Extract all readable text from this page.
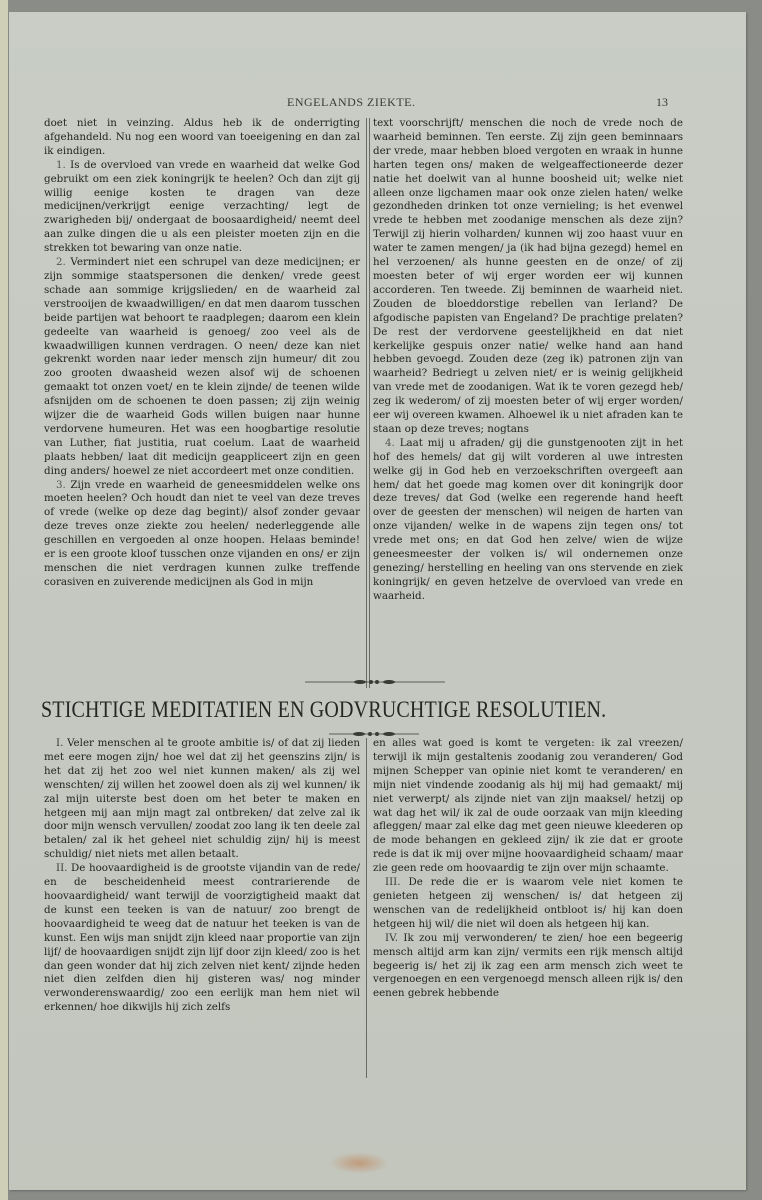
ENGELANDS ZIEKTE.	13

doet niet in veinzing. Aldus heb ik de onderrigting afgehandeld. Nu nog een woord van toeeigening en dan zal ik eindigen.

1. Is de overvloed van vrede en waarheid dat welke God gebruikt om een ziek koningrijk te heelen? Och dan zijt gij willig eenige kosten te dragen van deze medicijnen/verkrijgt eenige verzachting/ legt de zwarigheden bij/ ondergaat de boosaardigheid/ neemt deel aan zulke dingen die u als een pleister moeten zijn en die strekken tot bewaring van onze natie.

2. Vermindert niet een schrupel van deze medicijnen; er zijn sommige staatspersonen die denken/ vrede geest schade aan sommige krijgslieden/ en de waarheid zal verstrooijen de kwaadwilligen/ en dat men daarom tusschen beide partijen wat behoort te raadplegen; daarom een klein gedeelte van waarheid is genoeg/ zoo veel als de kwaadwilligen kunnen verdragen. O neen/ deze kan niet gekrenkt worden naar ieder mensch zijn humeur/ dit zou zoo grooten dwaasheid wezen alsof wij de schoenen gemaakt tot onzen voet/ en te klein zijnde/ de teenen wilde afsnijden om de schoenen te doen passen; zij zijn weinig wijzer die de waarheid Gods willen buigen naar hunne verdorvene humeuren. Het was een hoogbartige resolutie van Luther, fiat justitia, ruat coelum. Laat de waarheid plaats hebben/ laat dit medicijn geappliceert zijn en geen ding anders/ hoewel ze niet accordeert met onze conditien.

3. Zijn vrede en waarheid de geneesmiddelen welke ons moeten heelen? Och houdt dan niet te veel van deze treves of vrede (welke op deze dag begint)/ alsof zonder gevaar deze treves onze ziekte zou heelen/ nederleggende alle geschillen en vergoeden al onze hoopen. Helaas beminde! er is een groote kloof tusschen onze vijanden en ons/ er zijn menschen die niet verdragen kunnen zulke treffende corasiven en zuiverende medicijnen als God in mijn

text voorschrijft/ menschen die noch de vrede noch de waarheid beminnen. Ten eerste. Zij zijn geen beminnaars der vrede, maar hebben bloed vergoten en wraak in hunne harten tegen ons/ maken de welgeaffectioneerde dezer natie het doelwit van al hunne boosheid uit; welke niet alleen onze ligchamen maar ook onze zielen haten/ welke gezondheden drinken tot onze vernieling; is het evenwel vrede te hebben met zoodanige menschen als deze zijn? Terwijl zij hierin volharden/ kunnen wij zoo haast vuur en water te zamen mengen/ ja (ik had bijna gezegd) hemel en hel verzoenen/ als hunne geesten en de onze/ of zij moesten beter of wij erger worden eer wij kunnen accorderen. Ten tweede. Zij beminnen de waarheid niet. Zouden de bloeddorstige rebellen van Ierland? De afgodische papisten van Engeland? De prachtige prelaten? De rest der verdorvene geestelijkheid en dat niet kerkelijke gespuis onzer natie/ welke hand aan hand hebben gevoegd. Zouden deze (zeg ik) patronen zijn van waarheid? Bedriegt u zelven niet/ er is weinig gelijkheid van vrede met de zoodanigen. Wat ik te voren gezegd heb/ zeg ik wederom/ of zij moesten beter of wij erger worden/ eer wij overeen kwamen. Alhoewel ik u niet afraden kan te staan op deze treves; nogtans

4. Laat mij u afraden/ gij die gunstgenooten zijt in het hof des hemels/ dat gij wilt vorderen al uwe intresten welke gij in God heb en verzoekschriften overgeeft aan hem/ dat het goede mag komen over dit koningrijk door deze treves/ dat God (welke een regerende hand heeft over de geesten der menschen) wil neigen de harten van onze vijanden/ welke in de wapens zijn tegen ons/ tot vrede met ons; en dat God hen zelve/ wien de wijze geneesmeester der volken is/ wil ondernemen onze genezing/ herstelling en heeling van ons stervende en ziek koningrijk/ en geven hetzelve de overvloed van vrede en waarheid.

STICHTIGE MEDITATIEN EN GODVRUCHTIGE RESOLUTIEN.

I. Veler menschen al te groote ambitie is/ of dat zij lieden met eere mogen zijn/ hoe wel dat zij het geenszins zijn/ is het dat zij het zoo wel niet kunnen maken/ als zij wel wenschten/ zij willen het zoowel doen als zij wel kunnen/ ik zal mijn uiterste best doen om het beter te maken en hetgeen mij aan mijn magt zal ontbreken/ dat zelve zal ik door mijn wensch vervullen/ zoodat zoo lang ik ten deele zal betalen/ zal ik het geheel niet schuldig zijn/ hij is meest schuldig/ niet niets met allen betaalt.

II. De hoovaardigheid is de grootste vijandin van de rede/ en de bescheidenheid meest contrarierende de hoovaardigheid/ want terwijl de voorzigtigheid maakt dat de kunst een teeken is van de natuur/ zoo brengt de hoovaardigheid te weeg dat de natuur het teeken is van de kunst. Een wijs man snijdt zijn kleed naar proportie van zijn lijf/ de hoovaardigen snijdt zijn lijf door zijn kleed/ zoo is het dan geen wonder dat hij zich zelven niet kent/ zijnde heden niet dien zelfden dien hij gisteren was/ nog minder verwonderenswaardig/ zoo een eerlijk man hem niet wil erkennen/ hoe dikwijls hij zich zelfs

en alles wat goed is komt te vergeten: ik zal vreezen/ terwijl ik mijn gestaltenis zoodanig zou veranderen/ God mijnen Schepper van opinie niet komt te veranderen/ en mijn niet vindende zoodanig als hij mij had gemaakt/ mij niet verwerpt/ als zijnde niet van zijn maaksel/ hetzij op wat dag het wil/ ik zal de oude oorzaak van mijn kleeding afleggen/ maar zal elke dag met geen nieuwe kleederen op de mode behangen en gekleed zijn/ ik zie dat er groote rede is dat ik mij over mijne hoovaardigheid schaam/ maar zie geen rede om hoovaardig te zijn over mijn schaamte.

III. De rede die er is waarom vele niet komen te genieten hetgeen zij wenschen/ is/ dat hetgeen zij wenschen van de redelijkheid ontbloot is/ hij kan doen hetgeen hij wil/ die niet wil doen als hetgeen hij kan.

IV. Ik zou mij verwonderen/ te zien/ hoe een begeerig mensch altijd arm kan zijn/ vermits een rijk mensch altijd begeerig is/ het zij ik zag een arm mensch zich weet te vergenoegen en een vergenoegd mensch alleen rijk is/ den eenen gebrek hebbende
